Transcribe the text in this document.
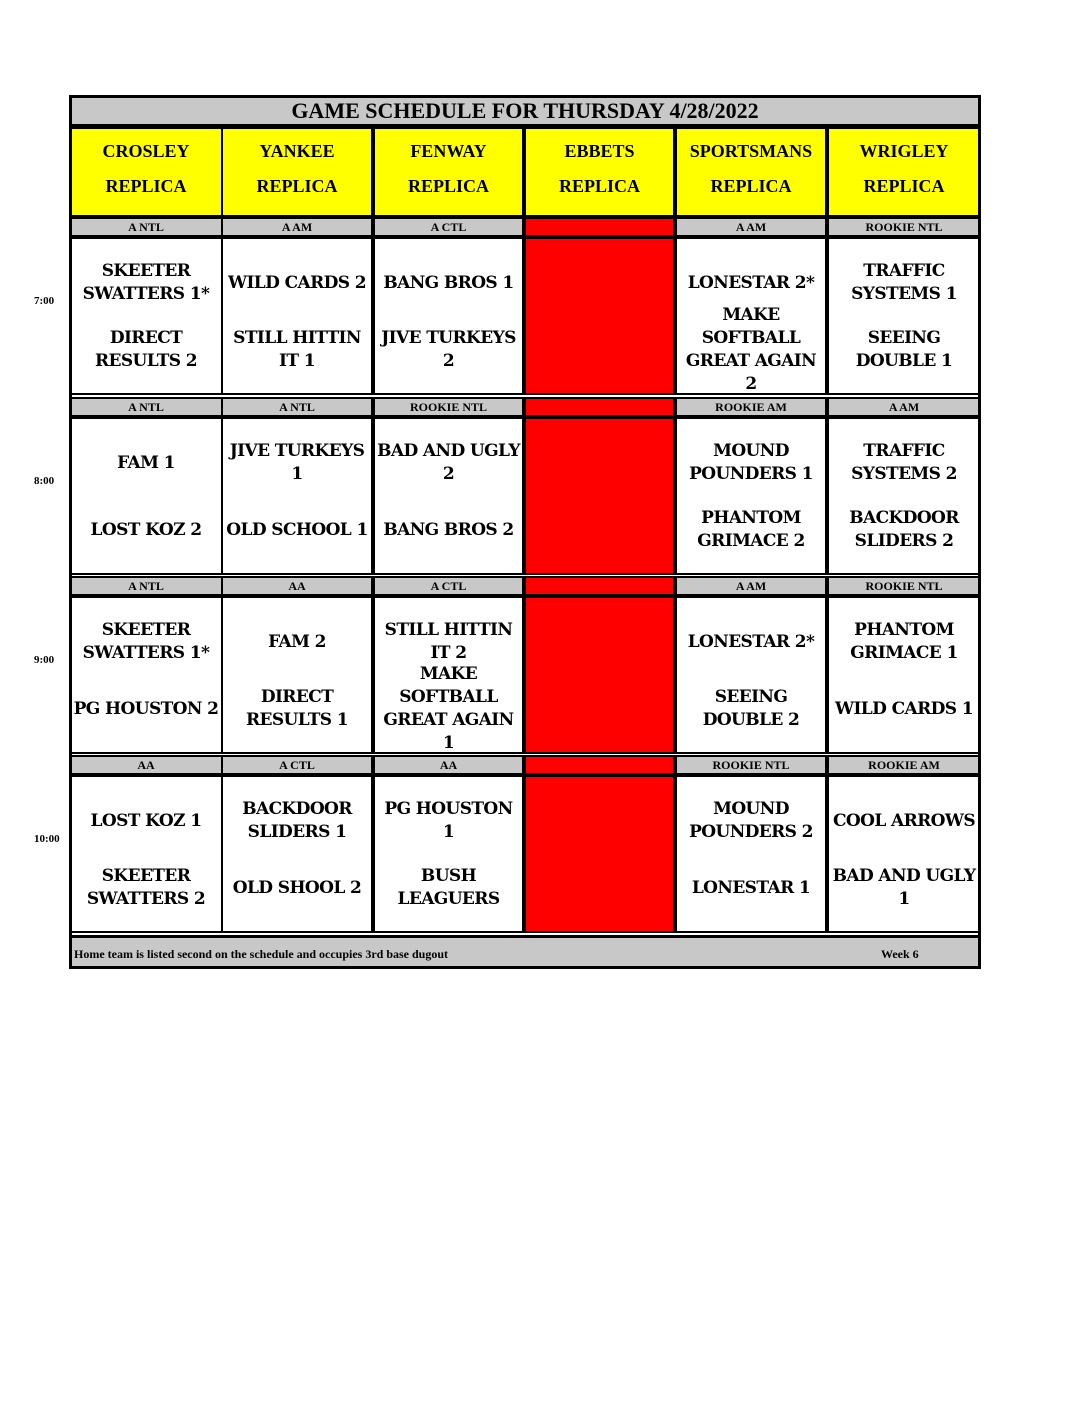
GAME SCHEDULE FOR THURSDAY 4/28/2022
CROSLEY
REPLICA
YANKEE
REPLICA
FENWAY
REPLICA
EBBETS
REPLICA
SPORTSMANS
REPLICA
WRIGLEY
REPLICA
A NTL
SKEETER SWATTERS 1*
DIRECT RESULTS 2
A AM
WILD CARDS 2
STILL HITTIN IT 1
A CTL
BANG BROS 1
JIVE TURKEYS 2
A AM
LONESTAR 2*
MAKE SOFTBALL GREAT AGAIN 2
ROOKIE NTL
TRAFFIC SYSTEMS 1
SEEING DOUBLE 1
A NTL
FAM 1
LOST KOZ 2
A NTL
JIVE TURKEYS 1
OLD SCHOOL 1
ROOKIE NTL
BAD AND UGLY 2
BANG BROS 2
ROOKIE AM
MOUND POUNDERS 1
PHANTOM GRIMACE 2
A AM
TRAFFIC SYSTEMS 2
BACKDOOR SLIDERS 2
A NTL
SKEETER SWATTERS 1*
PG HOUSTON 2
AA
FAM 2
DIRECT RESULTS 1
A CTL
STILL HITTIN IT 2
MAKE SOFTBALL GREAT AGAIN 1
A AM
LONESTAR 2*
SEEING DOUBLE 2
ROOKIE NTL
PHANTOM GRIMACE 1
WILD CARDS 1
AA
LOST KOZ 1
SKEETER SWATTERS 2
A CTL
BACKDOOR SLIDERS 1
OLD SHOOL 2
AA
PG HOUSTON 1
BUSH LEAGUERS
ROOKIE NTL
MOUND POUNDERS 2
LONESTAR 1
ROOKIE AM
COOL ARROWS
BAD AND UGLY 1
Home team is listed second on the schedule and occupies 3rd base dugout	Week 6
7:00
8:00
9:00
10:00
